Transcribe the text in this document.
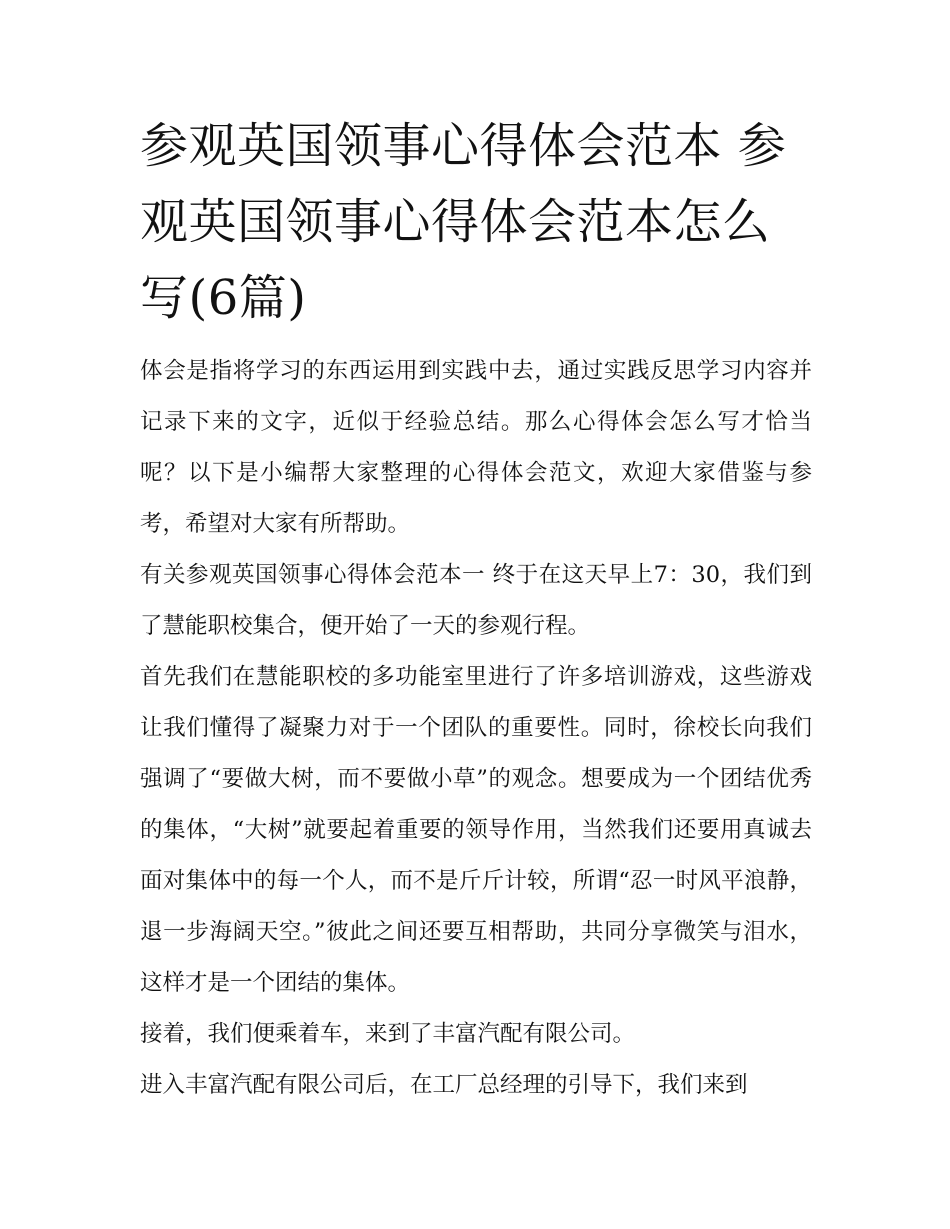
参观英国领事心得体会范本 参观英国领事心得体会范本怎么写(6篇)

体会是指将学习的东西运用到实践中去，通过实践反思学习内容并记录下来的文字，近似于经验总结。那么心得体会怎么写才恰当呢？以下是小编帮大家整理的心得体会范文，欢迎大家借鉴与参考，希望对大家有所帮助。

有关参观英国领事心得体会范本一 终于在这天早上7：30，我们到了慧能职校集合，便开始了一天的参观行程。

首先我们在慧能职校的多功能室里进行了许多培训游戏，这些游戏让我们懂得了凝聚力对于一个团队的重要性。同时，徐校长向我们强调了“要做大树，而不要做小草”的观念。想要成为一个团结优秀的集体，“大树”就要起着重要的领导作用，当然我们还要用真诚去面对集体中的每一个人，而不是斤斤计较，所谓“忍一时风平浪静，退一步海阔天空。”彼此之间还要互相帮助，共同分享微笑与泪水，这样才是一个团结的集体。

接着，我们便乘着车，来到了丰富汽配有限公司。

进入丰富汽配有限公司后，在工厂总经理的引导下，我们来到
